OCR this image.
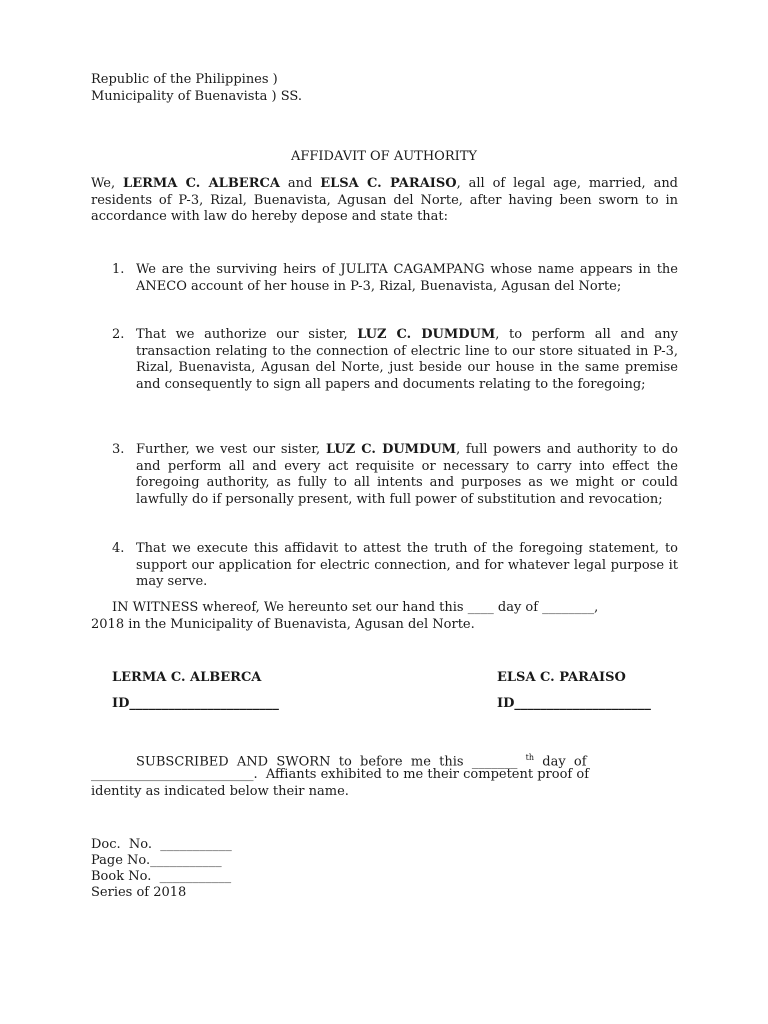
Republic of the Philippines )
Municipality of Buenavista ) SS.
AFFIDAVIT OF AUTHORITY
We, LERMA C. ALBERCA and ELSA C. PARAISO, all of legal age, married, and residents of P-3, Rizal, Buenavista, Agusan del Norte, after having been sworn to in accordance with law do hereby depose and state that:
1. We are the surviving heirs of JULITA CAGAMPANG whose name appears in the ANECO account of her house in P-3, Rizal, Buenavista, Agusan del Norte;
2. That we authorize our sister, LUZ C. DUMDUM, to perform all and any transaction relating to the connection of electric line to our store situated in P-3, Rizal, Buenavista, Agusan del Norte, just beside our house in the same premise and consequently to sign all papers and documents relating to the foregoing;
3. Further, we vest our sister, LUZ C. DUMDUM, full powers and authority to do and perform all and every act requisite or necessary to carry into effect the foregoing authority, as fully to all intents and purposes as we might or could lawfully do if personally present, with full power of substitution and revocation;
4. That we execute this affidavit to attest the truth of the foregoing statement, to support our application for electric connection, and for whatever legal purpose it may serve.
IN WITNESS whereof, We hereunto set our hand this ____ day of ________,
2018 in the Municipality of Buenavista, Agusan del Norte.
LERMA C. ALBERCA
ID_______________________
ELSA C. PARAISO
ID_____________________
SUBSCRIBED  AND  SWORN  to  before  me  this  _______ $^{th}$ day  of
_________________________.  Affiants exhibited to me their competent proof of
identity as indicated below their name.
Doc.  No.  ___________
Page No.___________
Book No.  ___________
Series of 2018
